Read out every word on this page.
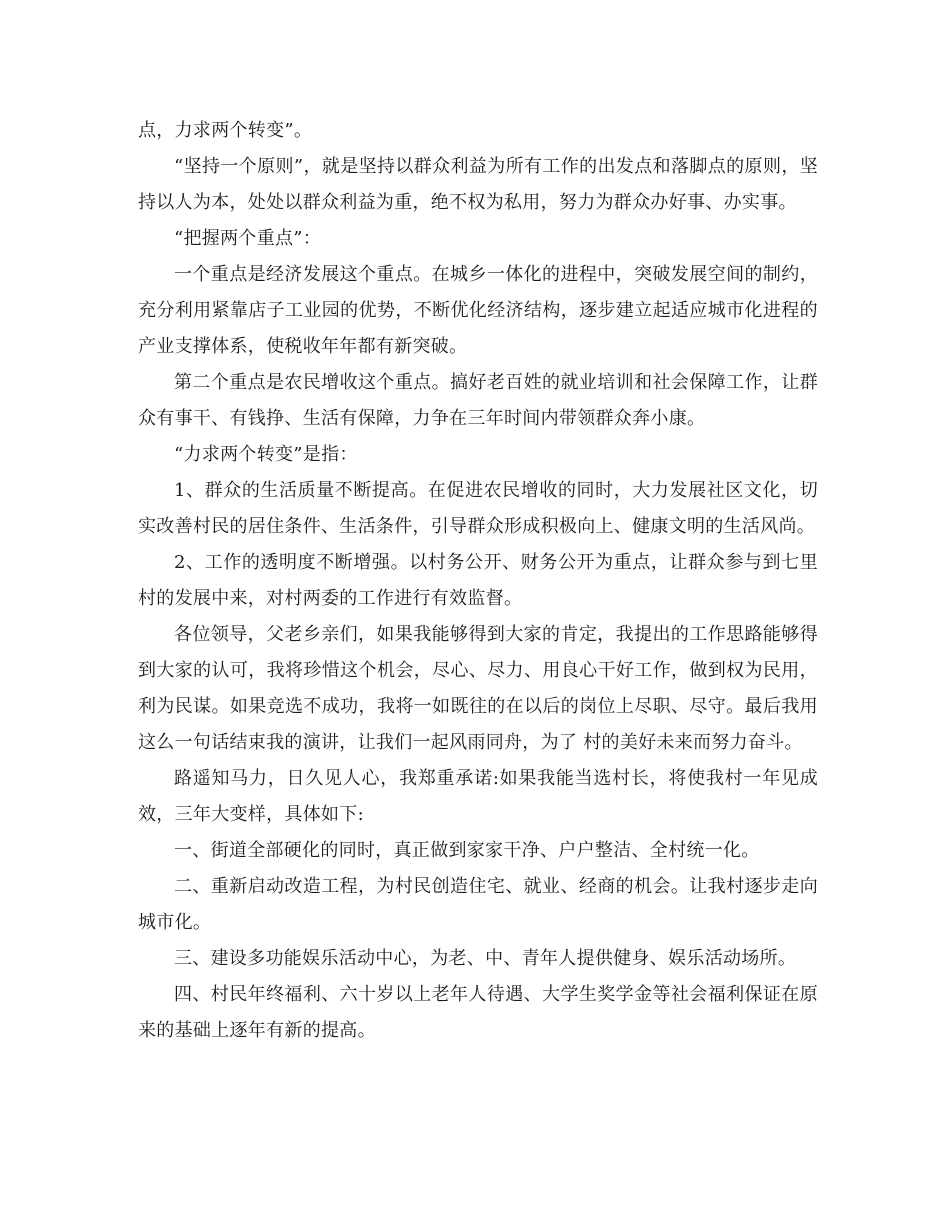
点，力求两个转变”。

“坚持一个原则”，就是坚持以群众利益为所有工作的出发点和落脚点的原则，坚持以人为本，处处以群众利益为重，绝不权为私用，努力为群众办好事、办实事。

“把握两个重点”：

一个重点是经济发展这个重点。在城乡一体化的进程中，突破发展空间的制约，充分利用紧靠店子工业园的优势，不断优化经济结构，逐步建立起适应城市化进程的产业支撑体系，使税收年年都有新突破。

第二个重点是农民增收这个重点。搞好老百姓的就业培训和社会保障工作，让群众有事干、有钱挣、生活有保障，力争在三年时间内带领群众奔小康。

“力求两个转变”是指：

1、群众的生活质量不断提高。在促进农民增收的同时，大力发展社区文化，切实改善村民的居住条件、生活条件，引导群众形成积极向上、健康文明的生活风尚。

2、工作的透明度不断增强。以村务公开、财务公开为重点，让群众参与到七里村的发展中来，对村两委的工作进行有效监督。

各位领导，父老乡亲们，如果我能够得到大家的肯定，我提出的工作思路能够得到大家的认可，我将珍惜这个机会，尽心、尽力、用良心干好工作，做到权为民用，利为民谋。如果竞选不成功，我将一如既往的在以后的岗位上尽职、尽守。最后我用这么一句话结束我的演讲，让我们一起风雨同舟，为了 村的美好未来而努力奋斗。

路遥知马力，日久见人心，我郑重承诺:如果我能当选村长，将使我村一年见成效，三年大变样，具体如下:

一、街道全部硬化的同时，真正做到家家干净、户户整洁、全村统一化。

二、重新启动改造工程，为村民创造住宅、就业、经商的机会。让我村逐步走向城市化。

三、建设多功能娱乐活动中心，为老、中、青年人提供健身、娱乐活动场所。

四、村民年终福利、六十岁以上老年人待遇、大学生奖学金等社会福利保证在原来的基础上逐年有新的提高。
